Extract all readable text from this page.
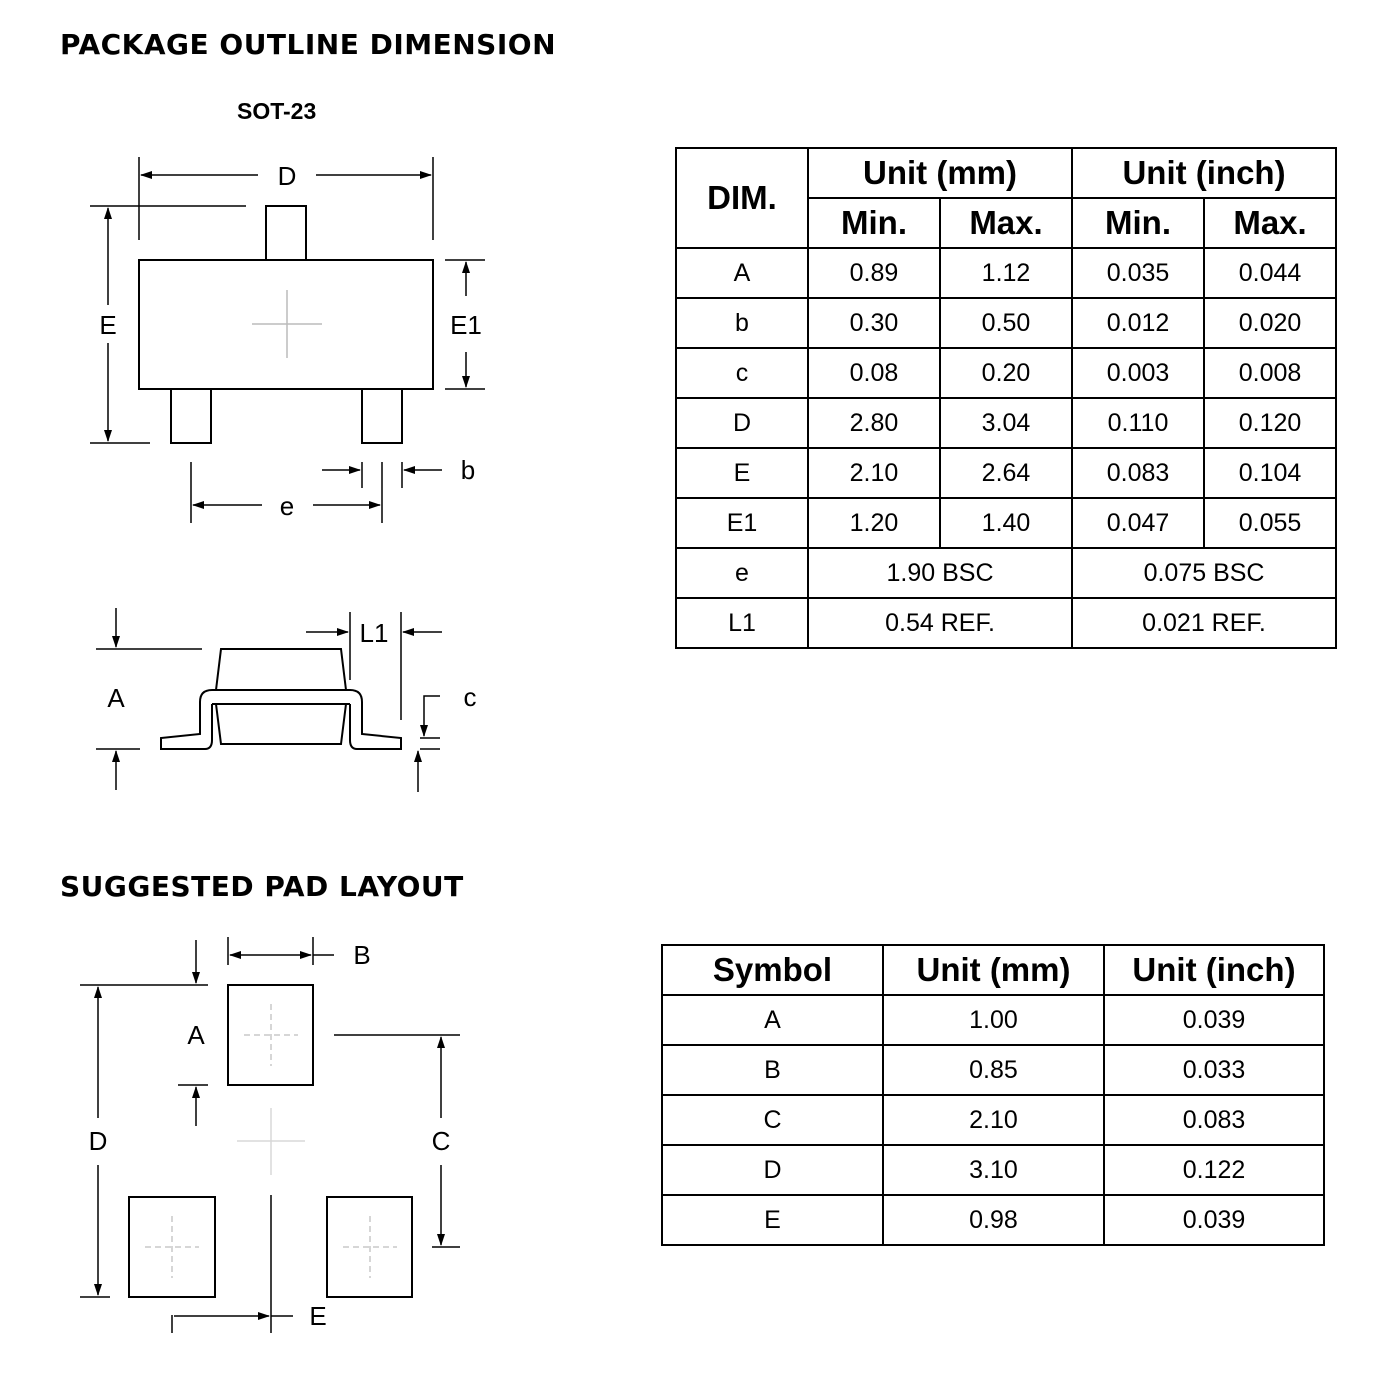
PACKAGE OUTLINE DIMENSION
SOT-23
SUGGESTED PAD LAYOUT
D
E	E1
e
b
A
L1
c
B
A
D	C
E
DIM.	Unit (mm)		Unit (inch)	
	Min.	Max.	Min.	Max.
A	0.89	1.12	0.035	0.044
b	0.30	0.50	0.012	0.020
c	0.08	0.20	0.003	0.008
D	2.80	3.04	0.110	0.120
E	2.10	2.64	0.083	0.104
E1	1.20	1.40	0.047	0.055
e	1.90 BSC		0.075 BSC	
L1	0.54 REF.		0.021 REF.	
Symbol	Unit (mm)	Unit (inch)
A	1.00	0.039
B	0.85	0.033
C	2.10	0.083
D	3.10	0.122
E	0.98	0.039
